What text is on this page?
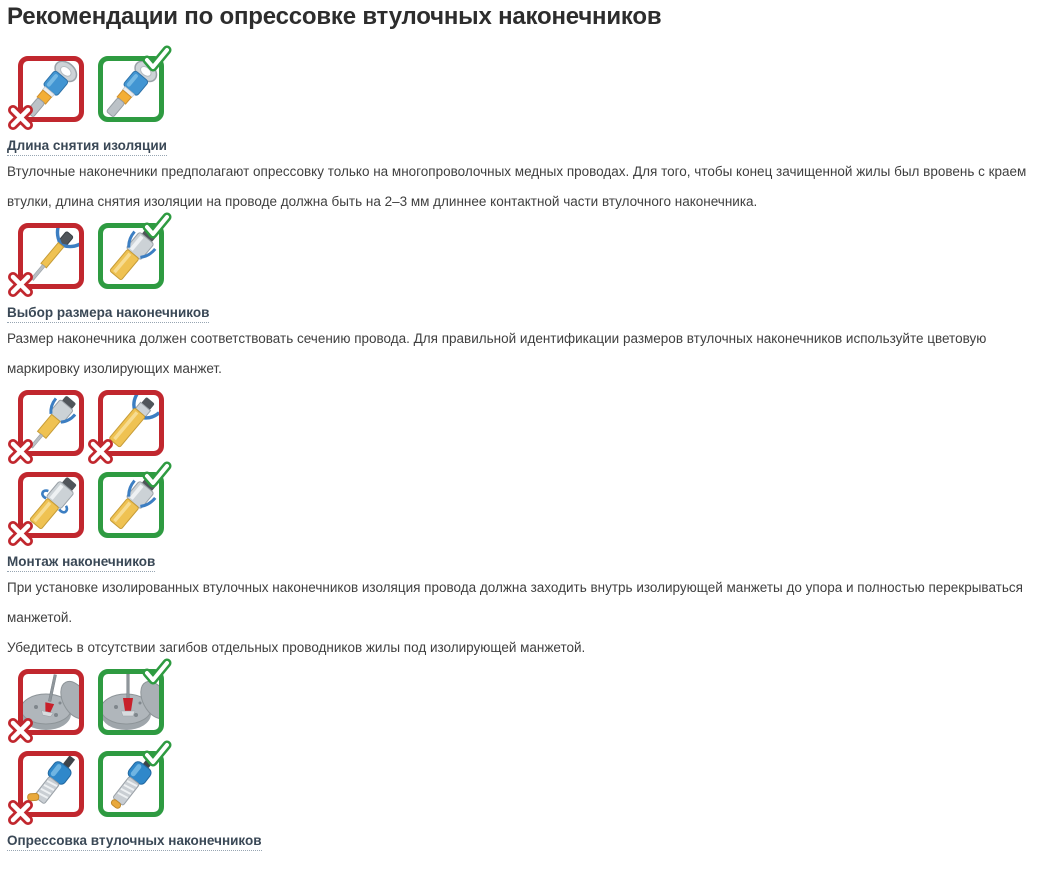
Рекомендации по опрессовке втулочных наконечников
Длина снятия изоляции

Втулочные наконечники предполагают опрессовку только на многопроволочных медных проводах. Для того, чтобы конец зачищенной жилы был вровень с краем втулки, длина снятия изоляции на проводе должна быть на 2–3 мм длиннее контактной части втулочного наконечника.

Выбор размера наконечников

Размер наконечника должен соответствовать сечению провода. Для правильной идентификации размеров втулочных наконечников используйте цветовую маркировку изолирующих манжет.

Монтаж наконечников

При установке изолированных втулочных наконечников изоляция провода должна заходить внутрь изолирующей манжеты до упора и полностью перекрываться манжетой.

Убедитесь в отсутствии загибов отдельных проводников жилы под изолирующей манжетой.

Опрессовка втулочных наконечников
